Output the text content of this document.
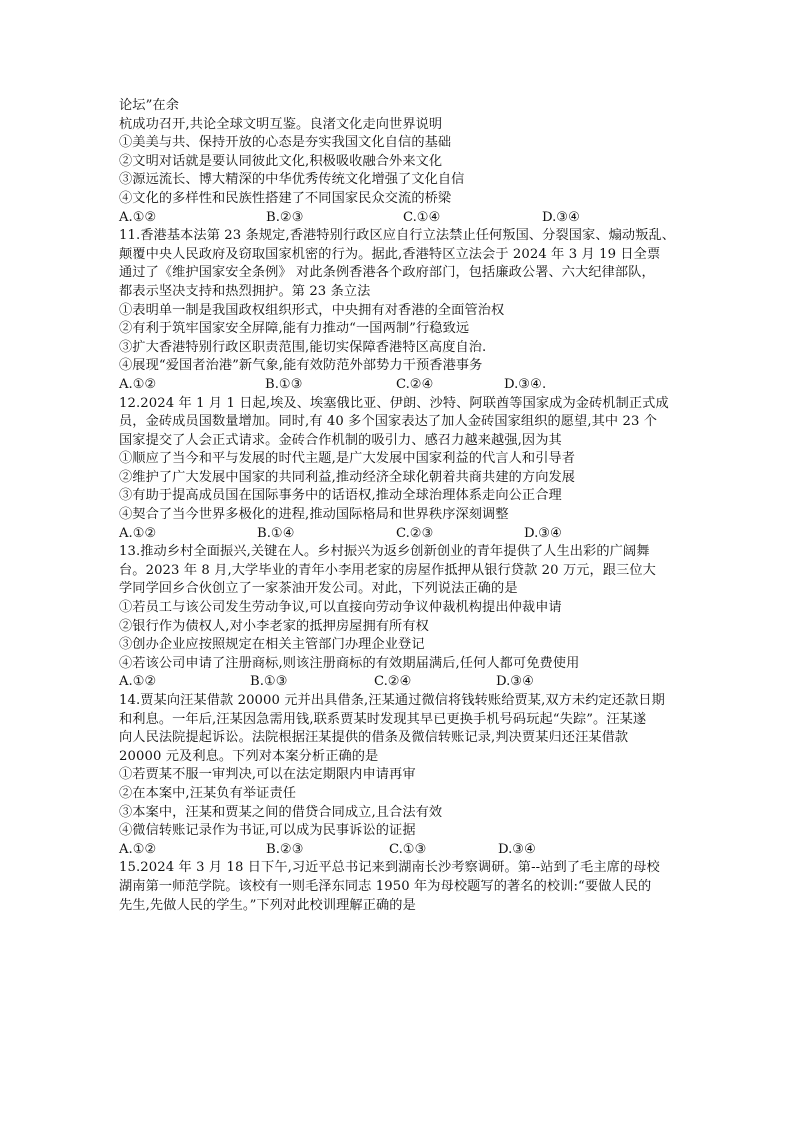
论坛”在余
杭成功召开,共论全球文明互鉴。良渚文化走向世界说明
①美美与共、保持开放的心态是夯实我国文化自信的基础
②文明对话就是要认同彼此文化,积极吸收融合外来文化
③源远流长、博大精深的中华优秀传统文化增强了文化自信
④文化的多样性和民族性搭建了不同国家民众交流的桥梁
A.①②	B.②③	C.①④	D.③④
11.香港基本法第 23 条规定,香港特别行政区应自行立法禁止任何叛国、分裂国家、煽动叛乱、
颠覆中央人民政府及窃取国家机密的行为。据此,香港特区立法会于 2024 年 3 月 19 日全票
通过了《维护国家安全条例》 对此条例香港各个政府部门，包括廉政公署、六大纪律部队，
都表示坚决支持和热烈拥护。第 23 条立法
①表明单一制是我国政权组织形式，中央拥有对香港的全面管治权
②有利于筑牢国家安全屏障,能有力推动“一国两制”行稳致远
③扩大香港特别行政区职责范围,能切实保障香港特区高度自治.
④展现“爱国者治港”新气象,能有效防范外部势力干预香港事务
A.①②	B.①③	C.②④	D.③④.
12.2024 年 1 月 1 日起,埃及、埃塞俄比亚、伊朗、沙特、阿联酋等国家成为金砖机制正式成
员，金砖成员国数量增加。同时,有 40 多个国家表达了加人金砖国家组织的愿望,其中 23 个
国家提交了人会正式请求。金砖合作机制的吸引力、感召力越来越强,因为其
①顺应了当今和平与发展的时代主题,是广大发展中国家利益的代言人和引导者
②维护了广大发展中国家的共同利益,推动经济全球化朝着共商共建的方向发展
③有助于提高成员国在国际事务中的话语权,推动全球治理体系走向公正合理
④契合了当今世界多极化的进程,推动国际格局和世界秩序深刻调整
A.①②	B.①④	C.②③	D.③④
13.推动乡村全面振兴,关键在人。乡村振兴为返乡创新创业的青年提供了人生出彩的广阔舞
台。2023 年 8 月,大学毕业的青年小李用老家的房屋作抵押从银行贷款 20 万元，跟三位大
学同学回乡合伙创立了一家茶油开发公司。对此，下列说法正确的是
①若员工与该公司发生劳动争议,可以直接向劳动争议仲裁机构提出仲裁申请
②银行作为债权人,对小李老家的抵押房屋拥有所有权
③创办企业应按照规定在相关主管部门办理企业登记
④若该公司申请了注册商标,则该注册商标的有效期届满后,任何人都可免费使用
A.①②	B.①③	C.②④	D.③④
14.贾某向汪某借款 20000 元并出具借条,汪某通过微信将钱转账给贾某,双方未约定还款日期
和利息。一年后,汪某因急需用钱,联系贾某时发现其早已更换手机号码玩起“失踪”。汪某遂
向人民法院提起诉讼。法院根据汪某提供的借条及微信转账记录,判决贾某归还汪某借款
20000 元及利息。下列对本案分析正确的是
①若贾某不服一审判决,可以在法定期限内申请再审
②在本案中,汪某负有举证责任
③本案中，汪某和贾某之间的借贷合同成立,且合法有效
④微信转账记录作为书证,可以成为民事诉讼的证据
A.①②	B.②③	C.①③	D.③④
15.2024 年 3 月 18 日下午,习近平总书记来到湖南长沙考察调研。第--站到了毛主席的母校
湖南第一师范学院。该校有一则毛泽东同志 1950 年为母校题写的著名的校训:“要做人民的
先生,先做人民的学生。”下列对此校训理解正确的是
